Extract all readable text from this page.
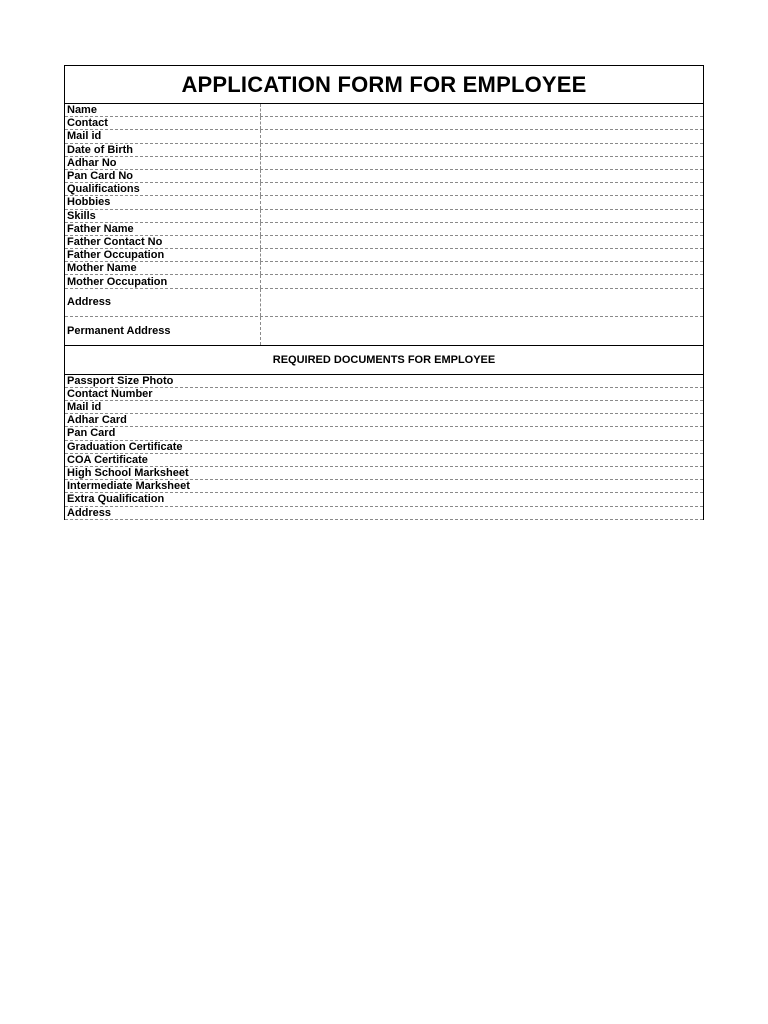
APPLICATION FORM FOR EMPLOYEE
Name
Contact
Mail id
Date of Birth
Adhar No
Pan Card No
Qualifications
Hobbies
Skills
Father Name
Father Contact No
Father Occupation
Mother Name
Mother Occupation
Address
Permanent Address
REQUIRED DOCUMENTS FOR EMPLOYEE
Passport Size Photo
Contact Number
Mail id
Adhar Card
Pan Card
Graduation Certificate
COA Certificate
High School Marksheet
Intermediate Marksheet
Extra Qualification
Address
